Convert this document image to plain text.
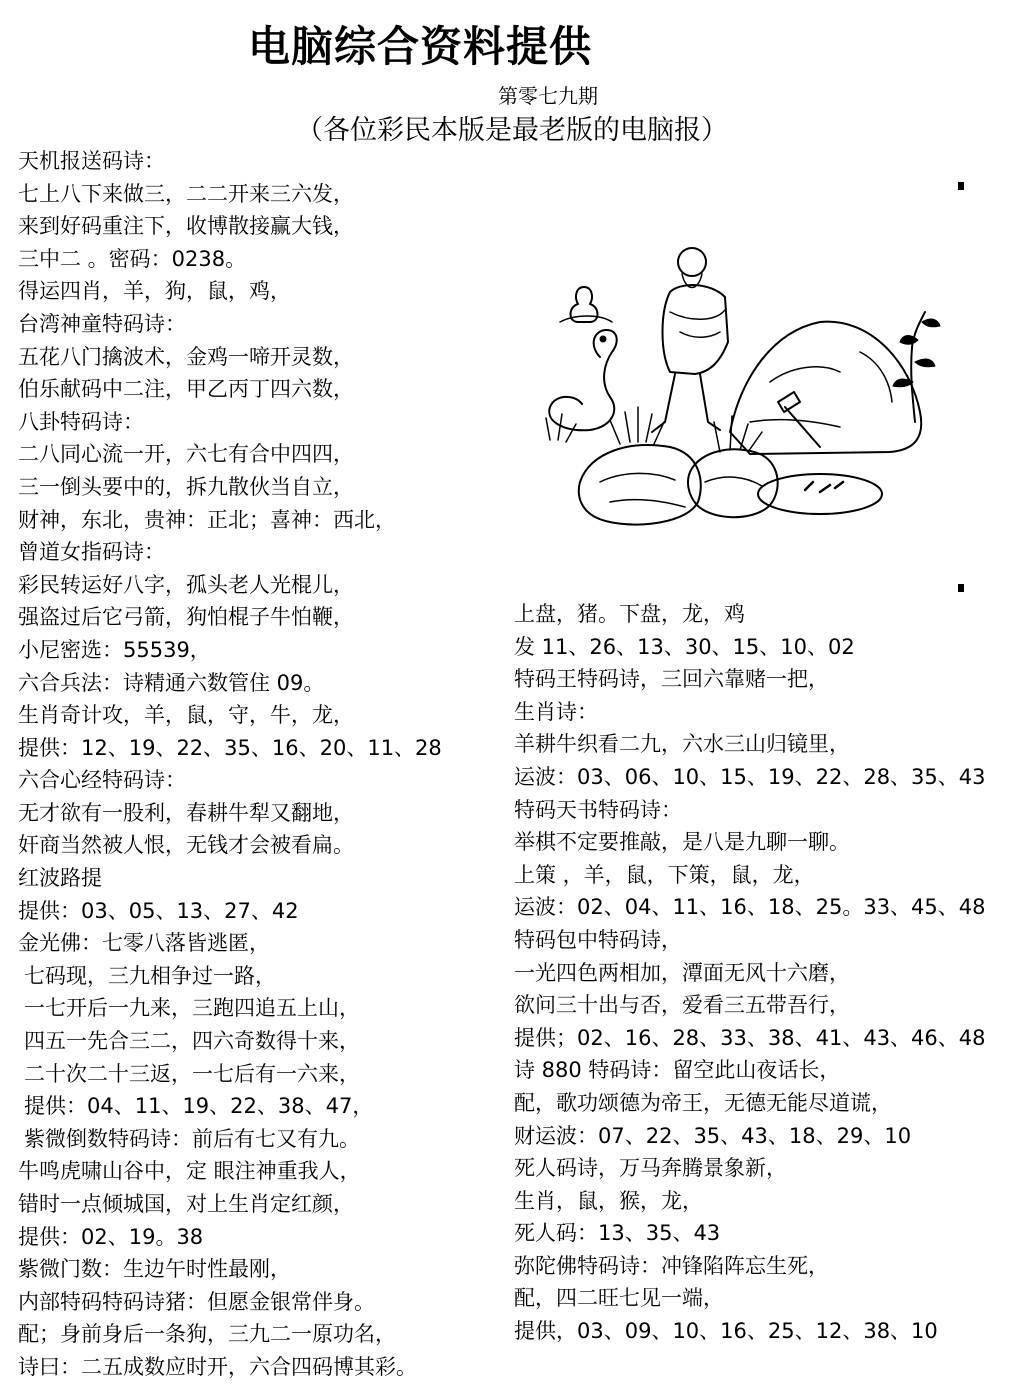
电脑综合资料提供
第零七九期
（各位彩民本版是最老版的电脑报）
天机报送码诗：
七上八下来做三，二二开来三六发，
来到好码重注下，收博散接赢大钱，
三中二 。密码：0238。
得运四肖，羊，狗，鼠，鸡，
台湾神童特码诗：
五花八门擒波术，金鸡一啼开灵数，
伯乐献码中二注，甲乙丙丁四六数，
八卦特码诗：
二八同心流一开，六七有合中四四，
三一倒头要中的，拆九散伙当自立，
财神，东北，贵神：正北；喜神：西北，
曾道女指码诗：
彩民转运好八字，孤头老人光棍儿，
强盗过后它弓箭，狗怕棍子牛怕鞭，
小尼密选：55539，
六合兵法：诗精通六数管住 09。
生肖奇计攻，羊，鼠，守，牛，龙，
提供：12、19、22、35、16、20、11、28
六合心经特码诗：
无才欲有一股利，春耕牛犁又翻地，
奸商当然被人恨，无钱才会被看扁。
红波路提
提供：03、05、13、27、42
金光佛：七零八落皆逃匿，
七码现，三九相争过一路，
一七开后一九来，三跑四追五上山，
四五一先合三二，四六奇数得十来，
二十次二十三返，一七后有一六来，
提供：04、11、19、22、38、47，
紫微倒数特码诗：前后有七又有九。
牛鸣虎啸山谷中，定 眼注神重我人，
错时一点倾城国，对上生肖定红颜，
提供：02、19。38
紫微门数：生边午时性最刚，
内部特码特码诗猪：但愿金银常伴身。
配；身前身后一条狗，三九二一原功名，
诗曰：二五成数应时开，六合四码博其彩。
上盘，猪。下盘，龙，鸡
发 11、26、13、30、15、10、02
特码王特码诗，三回六靠赌一把，
生肖诗：
羊耕牛织看二九，六水三山归镜里，
运波：03、06、10、15、19、22、28、35、43
特码天书特码诗：
举棋不定要推敲，是八是九聊一聊。
上策 ，羊，鼠，下策，鼠，龙，
运波：02、04、11、16、18、25。33、45、48
特码包中特码诗，
一光四色两相加，潭面无风十六磨，
欲问三十出与否，爱看三五带吾行，
提供；02、16、28、33、38、41、43、46、48
诗 880 特码诗：留空此山夜话长，
配，歌功颂德为帝王，无德无能尽道谎，
财运波：07、22、35、43、18、29、10
死人码诗，万马奔腾景象新，
生肖，鼠，猴，龙，
死人码：13、35、43
弥陀佛特码诗：冲锋陷阵忘生死，
配，四二旺七见一端，
提供，03、09、10、16、25、12、38、10
